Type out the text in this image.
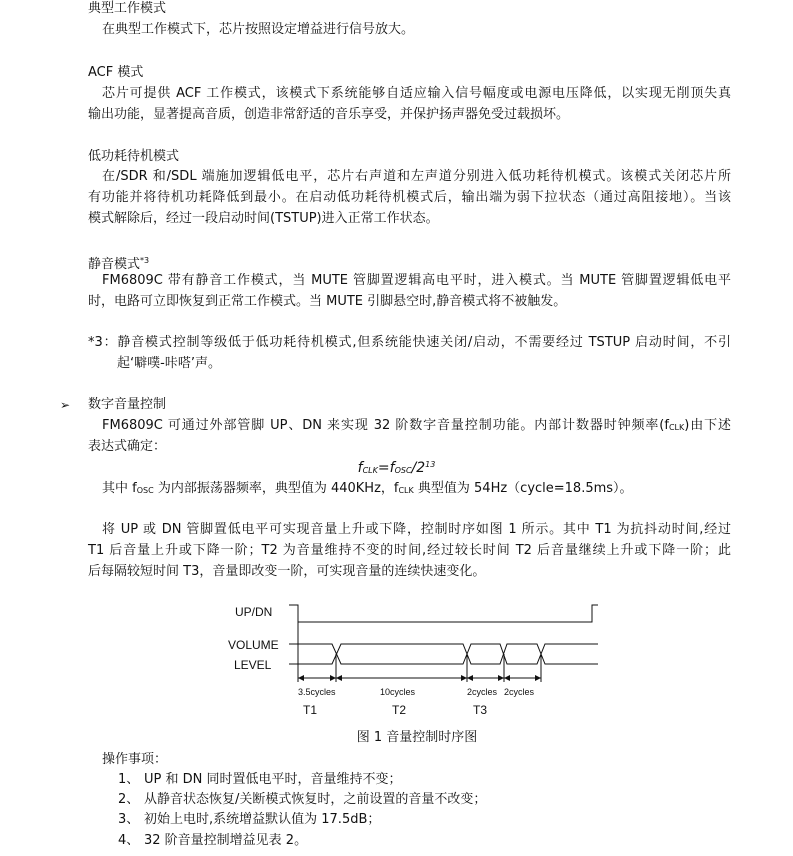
典型工作模式
在典型工作模式下，芯片按照设定增益进行信号放大。
ACF 模式
芯片可提供 ACF 工作模式，该模式下系统能够自适应输入信号幅度或电源电压降低，以实现无削顶失真
输出功能，显著提高音质，创造非常舒适的音乐享受，并保护扬声器免受过载损坏。
低功耗待机模式
在/SDR 和/SDL 端施加逻辑低电平，芯片右声道和左声道分别进入低功耗待机模式。该模式关闭芯片所
有功能并将待机功耗降低到最小。在启动低功耗待机模式后，输出端为弱下拉状态（通过高阻接地）。当该
模式解除后，经过一段启动时间(TSTUP)进入正常工作状态。
静音模式$^{*3}$
FM6809C 带有静音工作模式，当 MUTE 管脚置逻辑高电平时，进入模式。当 MUTE 管脚置逻辑低电平
时，电路可立即恢复到正常工作模式。当 MUTE 引脚悬空时,静音模式将不被触发。
*3：静音模式控制等级低于低功耗待机模式,但系统能快速关闭/启动，不需要经过 TSTUP 启动时间，不引
起‘噼噗-咔嗒’声。
➢ 数字音量控制
FM6809C 可通过外部管脚 UP、DN 来实现 32 阶数字音量控制功能。内部计数器时钟频率$(f_{CLK})$由下述
表达式确定：
$f_{CLK}=f_{OSC}/2^{13}$
其中 $f_{OSC}$ 为内部振荡器频率，典型值为 440KHz，$f_{CLK}$ 典型值为 54Hz（cycle=18.5ms）。
将 UP 或 DN 管脚置低电平可实现音量上升或下降，控制时序如图 1 所示。其中 T1 为抗抖动时间,经过
T1 后音量上升或下降一阶；T2 为音量维持不变的时间,经过较长时间 T2 后音量继续上升或下降一阶；此
后每隔较短时间 T3，音量即改变一阶，可实现音量的连续快速变化。
UP/DN
VOLUME
LEVEL
3.5cycles	10cycles	2cycles 2cycles
T1	T2	T3
图 1 音量控制时序图
操作事项：
1、 UP 和 DN 同时置低电平时，音量维持不变；
2、 从静音状态恢复/关断模式恢复时，之前设置的音量不改变；
3、 初始上电时,系统增益默认值为 17.5dB；
4、 32 阶音量控制增益见表 2。
